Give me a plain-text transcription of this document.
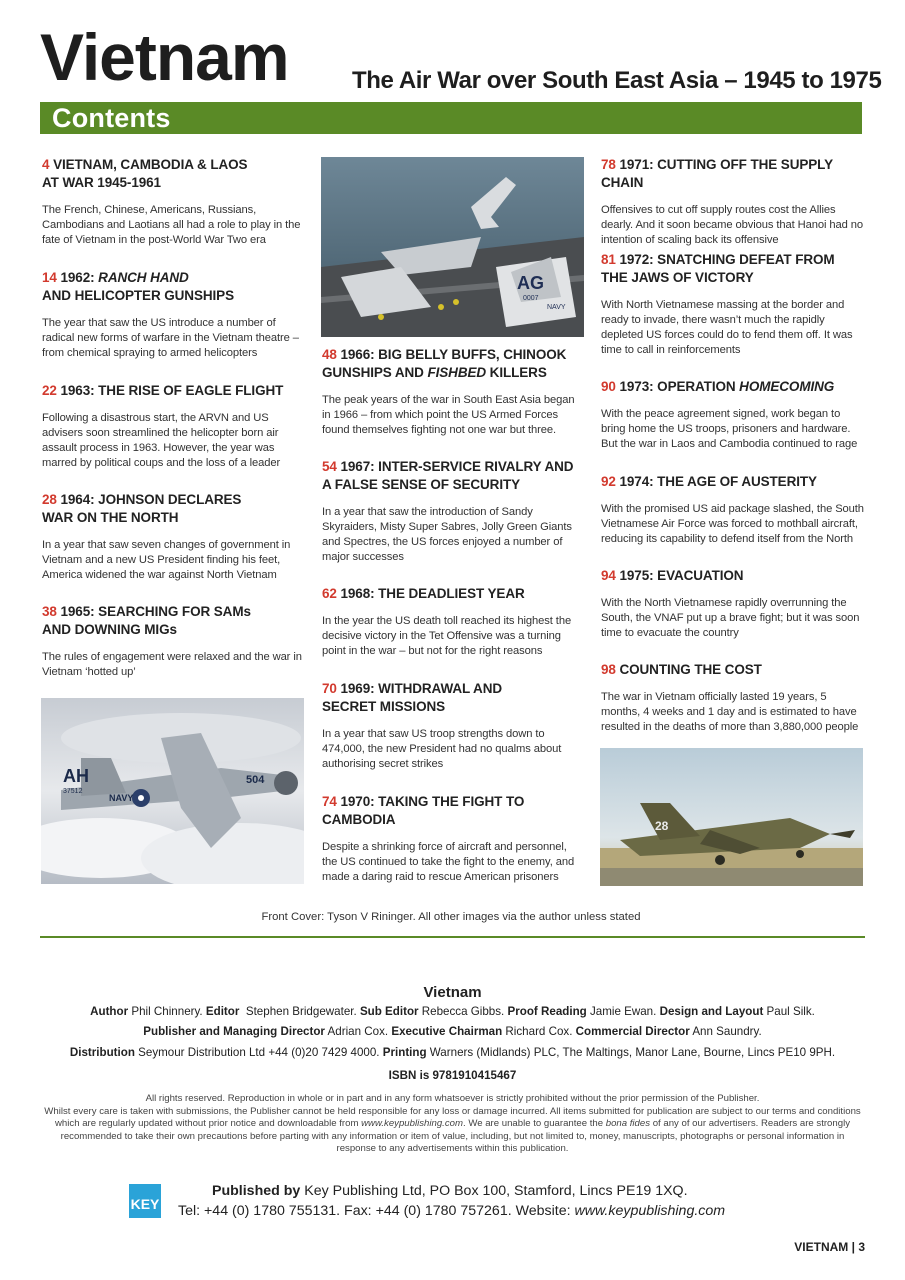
Vietnam	The Air War over South East Asia – 1945 to 1975
Contents
4 VIETNAM, CAMBODIA & LAOS
AT WAR 1945-1961

The French, Chinese, Americans, Russians, Cambodians and Laotians all had a role to play in the fate of Vietnam in the post-World War Two era

14 1962: RANCH HAND
AND HELICOPTER GUNSHIPS

The year that saw the US introduce a number of radical new forms of warfare in the Vietnam theatre – from chemical spraying to armed helicopters

22 1963: THE RISE OF EAGLE FLIGHT

Following a disastrous start, the ARVN and US advisers soon streamlined the helicopter born air assault process in 1963. However, the year was marred by political coups and the loss of a leader

28 1964: JOHNSON DECLARES
WAR ON THE NORTH

In a year that saw seven changes of government in Vietnam and a new US President finding his feet, America widened the war against North Vietnam

38 1965: SEARCHING FOR SAMs
AND DOWNING MIGs

The rules of engagement were relaxed and the war in Vietnam ‘hotted up’

AH
37512
NAVY
504
AG
0007
NAVY
48 1966: BIG BELLY BUFFS, CHINOOK
GUNSHIPS AND FISHBED KILLERS

The peak years of the war in South East Asia began in 1966 – from which point the US Armed Forces found themselves fighting not one war but three.

54 1967: INTER-SERVICE RIVALRY AND
A FALSE SENSE OF SECURITY

In a year that saw the introduction of Sandy Skyraiders, Misty Super Sabres, Jolly Green Giants and Spectres, the US forces enjoyed a number of major successes

62 1968: THE DEADLIEST YEAR

In the year the US death toll reached its highest the decisive victory in the Tet Offensive was a turning point in the war – but not for the right reasons

70 1969: WITHDRAWAL AND
SECRET MISSIONS

In a year that saw US troop strengths down to 474,000, the new President had no qualms about authorising secret strikes

74 1970: TAKING THE FIGHT TO
CAMBODIA

Despite a shrinking force of aircraft and personnel, the US continued to take the fight to the enemy, and made a daring raid to rescue American prisoners

78 1971: CUTTING OFF THE SUPPLY CHAIN

Offensives to cut off supply routes cost the Allies dearly. And it soon became obvious that Hanoi had no intention of scaling back its offensive

81 1972: SNATCHING DEFEAT FROM
THE JAWS OF VICTORY

With North Vietnamese massing at the border and ready to invade, there wasn’t much the rapidly depleted US forces could do to fend them off. It was time to call in reinforcements

90 1973: OPERATION HOMECOMING

With the peace agreement signed, work began to bring home the US troops, prisoners and hardware. But the war in Laos and Cambodia continued to rage

92 1974: THE AGE OF AUSTERITY

With the promised US aid package slashed, the South Vietnamese Air Force was forced to mothball aircraft, reducing its capability to defend itself from the North

94 1975: EVACUATION

With the North Vietnamese rapidly overrunning the South, the VNAF put up a brave fight; but it was soon time to evacuate the country

98 COUNTING THE COST

The war in Vietnam officially lasted 19 years, 5 months, 4 weeks and 1 day and is estimated to have resulted in the deaths of more than 3,880,000 people

28
Front Cover: Tyson V Rininger. All other images via the author unless stated
Vietnam
Author Phil Chinnery. Editor Stephen Bridgewater. Sub Editor Rebecca Gibbs. Proof Reading Jamie Ewan. Design and Layout Paul Silk.
Publisher and Managing Director Adrian Cox. Executive Chairman Richard Cox. Commercial Director Ann Saundry.
Distribution Seymour Distribution Ltd +44 (0)20 7429 4000. Printing Warners (Midlands) PLC, The Maltings, Manor Lane, Bourne, Lincs PE10 9PH.
ISBN is 9781910415467
All rights reserved. Reproduction in whole or in part and in any form whatsoever is strictly prohibited without the prior permission of the Publisher.
Whilst every care is taken with submissions, the Publisher cannot be held responsible for any loss or damage incurred. All items submitted for publication are subject to our terms and conditions which are regularly updated without prior notice and downloadable from www.keypublishing.com. We are unable to guarantee the bona fides of any of our advertisers. Readers are strongly recommended to take their own precautions before parting with any information or item of value, including, but not limited to, money, manuscripts, photographs or personal information in response to any advertisements within this publication.
KEY
Published by Key Publishing Ltd, PO Box 100, Stamford, Lincs PE19 1XQ.
Tel: +44 (0) 1780 755131. Fax: +44 (0) 1780 757261. Website: www.keypublishing.com
VIETNAM | 3
